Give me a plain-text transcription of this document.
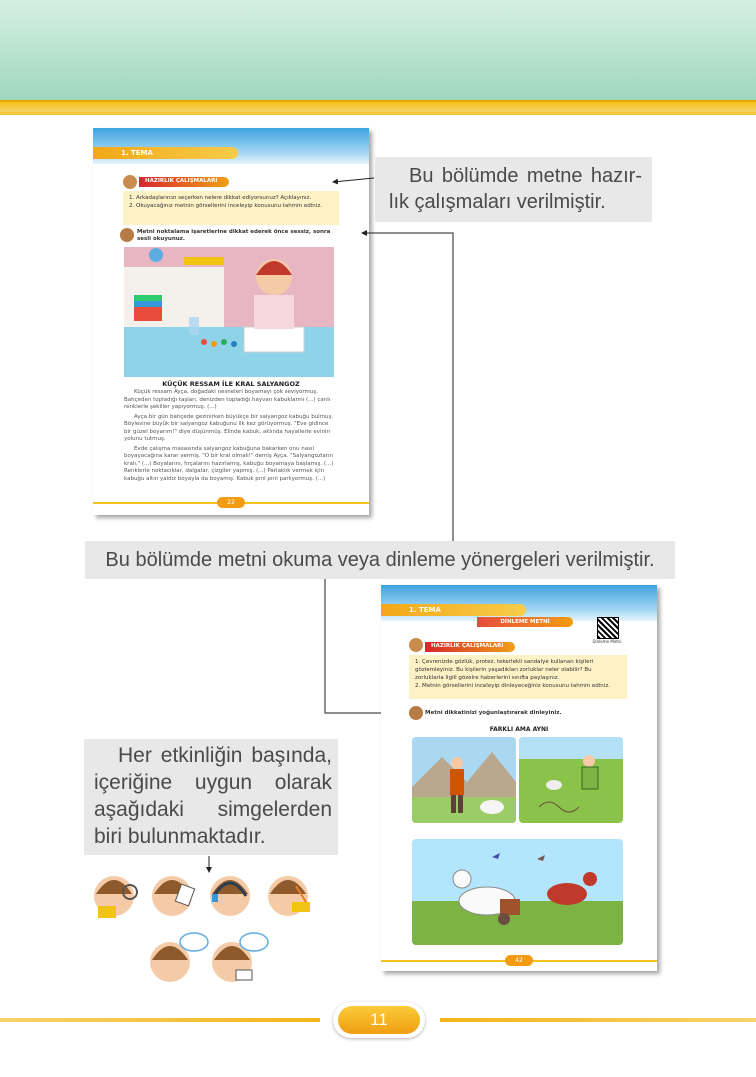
1. TEMA
HAZIRLIK ÇALIŞMALARI
1. Arkadaşlarınızı seçerken nelere dikkat ediyorsunuz? Açıklayınız.
2. Okuyacağınız metnin görsellerini inceleyip konusunu tahmin ediniz.
Metni noktalama işaretlerine dikkat ederek önce sessiz, sonra sesli okuyunuz.
KÜÇÜK RESSAM İLE KRAL SALYANGOZ
Küçük ressam Ayça, doğadaki nesneleri boyamayı çok seviyormuş. Bahçeden topladığı taşları, denizden topladığı hayvan kabuklarını (...) canlı renklerle şekiller yapıyormuş. (...)
Ayça bir gün bahçede gezinirken büyükçe bir salyangoz kabuğu bulmuş. Böylesine büyük bir salyangoz kabuğunu ilk kez görüyormuş. "Eve gidince bir güzel boyarım!" diye düşünmüş. Elinde kabuk, aklında hayallerle evinin yolunu tutmuş.
Evde çalışma masasında salyangoz kabuğuna bakarken onu nasıl boyayacağına karar vermiş. "O bir kral olmalı!" demiş Ayça. "Salyangozların kralı." (...) Boyalarını, fırçalarını hazırlamış, kabuğu boyamaya başlamış. (...) Renklerle noktacıklar, dalgalar, çizgiler yapmış. (...) Parlaklık vermek için kabuğu altın yaldız boyayla da boyamış. Kabuk pırıl pırıl parlıyormuş. (...)
22
Bu bölümde metne hazır-lık çalışmaları verilmiştir.
Bu bölümde metni okuma veya dinleme yönergeleri verilmiştir.
Her etkinliğin başında, içeriğine uygun olarak aşağıdaki simgelerden biri bulunmaktadır.
1. TEMA
DİNLEME METNİ
Dinleme Metni
HAZIRLIK ÇALIŞMALARI
1. Çevrenizde gözlük, protez, tekerlekli sandalye kullanan kişileri gözlemleyiniz. Bu kişilerin yaşadıkları zorluklar neler olabilir? Bu zorluklarla ilgili gözelre haberlerini sınıfta paylaşınız.
2. Metnin görsellerini inceleyip dinleyeceğiniz konusunu tahmin ediniz.
Metni dikkatinizi yoğunlaştırarak dinleyiniz.
FARKLI AMA AYNI
42
11
